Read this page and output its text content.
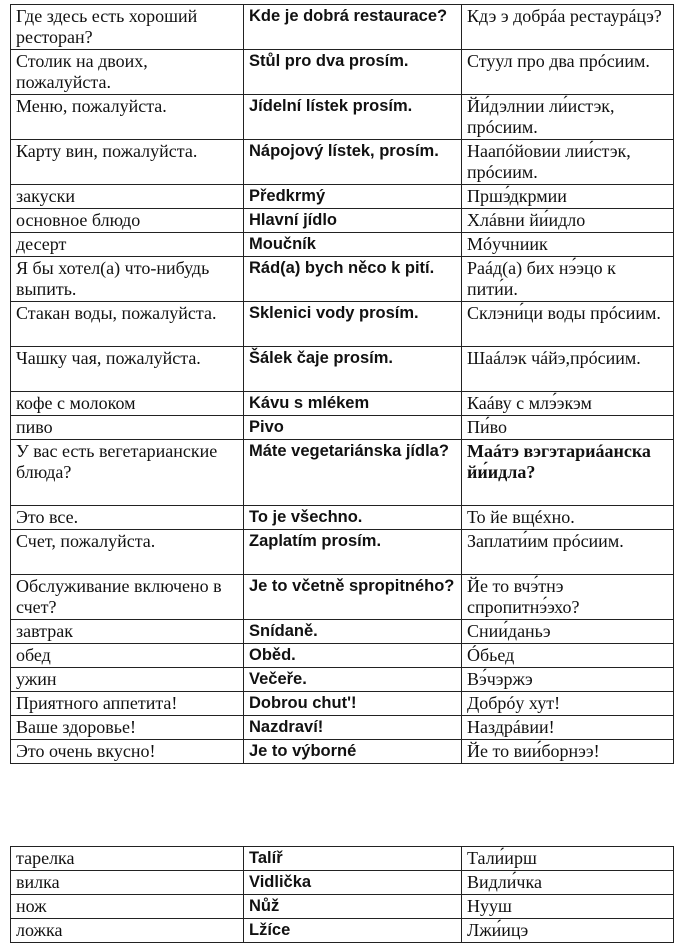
Где здесь есть хороший ресторан?	Kde je dobrá restaurace?	Кдэ э добрáа рестаурáцэ?
Столик на двоих, пожалуйста.	Stůl pro dva prosím.	Стуул про два прóсиим.
Меню, пожалуйста.	Jídelní lístek prosím.	Йи́дэлнии ли́истэк, прóсиим.
Карту вин, пожалуйста.	Nápojový lístek, prosím.	Наапóйовии лии́стэк, прóсиим.
закуски	Předkrmý	Пршэ́дкрмии
основное блюдо	Hlavní jídlo	Хлáвни йи́идло
десерт	Moučník	Мóучниик
Я бы хотел(а) что-нибудь выпить.	Rád(a) bych něco k pití.	Раáд(а) бих нэ́эцо к пити́и.
Стакан воды, пожалуйста.	Sklenici vody prosím.	Склэни́ци воды прóсиим.
Чашку чая, пожалуйста.	Šálek čaje prosím.	Шаáлэк чáйэ,прóсиим.
кофе с молоком	Kávu s mlékem	Каáву с млэ́экэм
пиво	Pivo	Пи́во
У вас есть вегетарианские блюда?	Máte vegetariánska jídla?	Маáтэ вэгэтариáанска йи́идла?
Это все.	To je všechno.	То йе вщéхно.
Счет, пожалуйста.	Zaplatím prosím.	Заплати́им прóсиим.
Обслуживание включено в счет?	Je to včetně spropitného?	Йе то вчэ́тнэ спропитнэ́эхо?
завтрак	Snídaně.	Снии́даньэ
обед	Oběd.	Óбьед
ужин	Večeře.	Вэ́чэржэ
Приятного аппетита!	Dobrou chut'!	Добрóу хут!
Ваше здоровье!	Nazdraví!	Наздрáвии!
Это очень вкусно!	Je to výborné	Йе то вии́борнээ!
тарелка	Talíř	Тали́ирш
вилка	Vidlička	Видли́чка
нож	Nůž	Нууш
ложка	Lžíce	Лжи́ицэ
